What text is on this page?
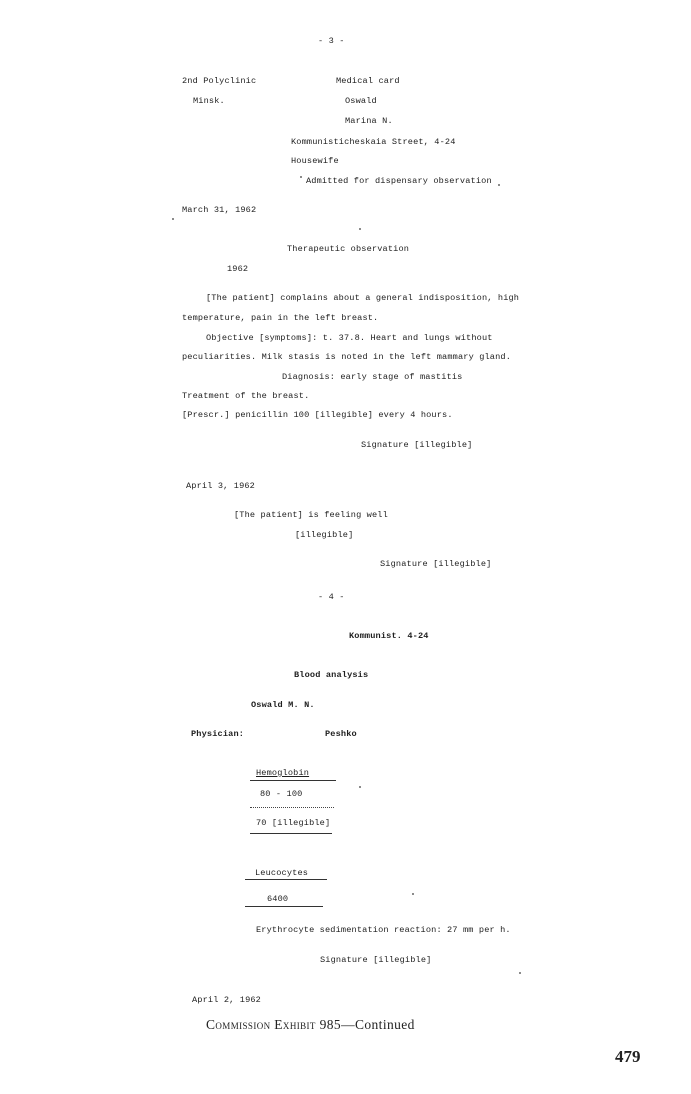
- 3 -
2nd Polyclinic
Minsk.
Medical card
Oswald
Marina N.
Kommunisticheskaia Street, 4-24
Housewife
Admitted for dispensary observation
March 31, 1962
Therapeutic observation
1962
[The patient] complains about a general indisposition, high
temperature, pain in the left breast.
Objective [symptoms]: t. 37.8. Heart and lungs without
peculiarities. Milk stasis is noted in the left mammary gland.
Diagnosis: early stage of mastitis
Treatment of the breast.
[Prescr.] penicillin 100 [illegible] every 4 hours.
Signature [illegible]
April 3, 1962
[The patient] is feeling well
[illegible]
Signature [illegible]
- 4 -
Kommunist. 4-24
Blood analysis
Oswald M. N.
Physician:	Peshko
Hemoglobin
80 - 100
70 [illegible]
Leucocytes
6400
Erythrocyte sedimentation reaction: 27 mm per h.
Signature [illegible]
April 2, 1962
Commission Exhibit 985—Continued
479
